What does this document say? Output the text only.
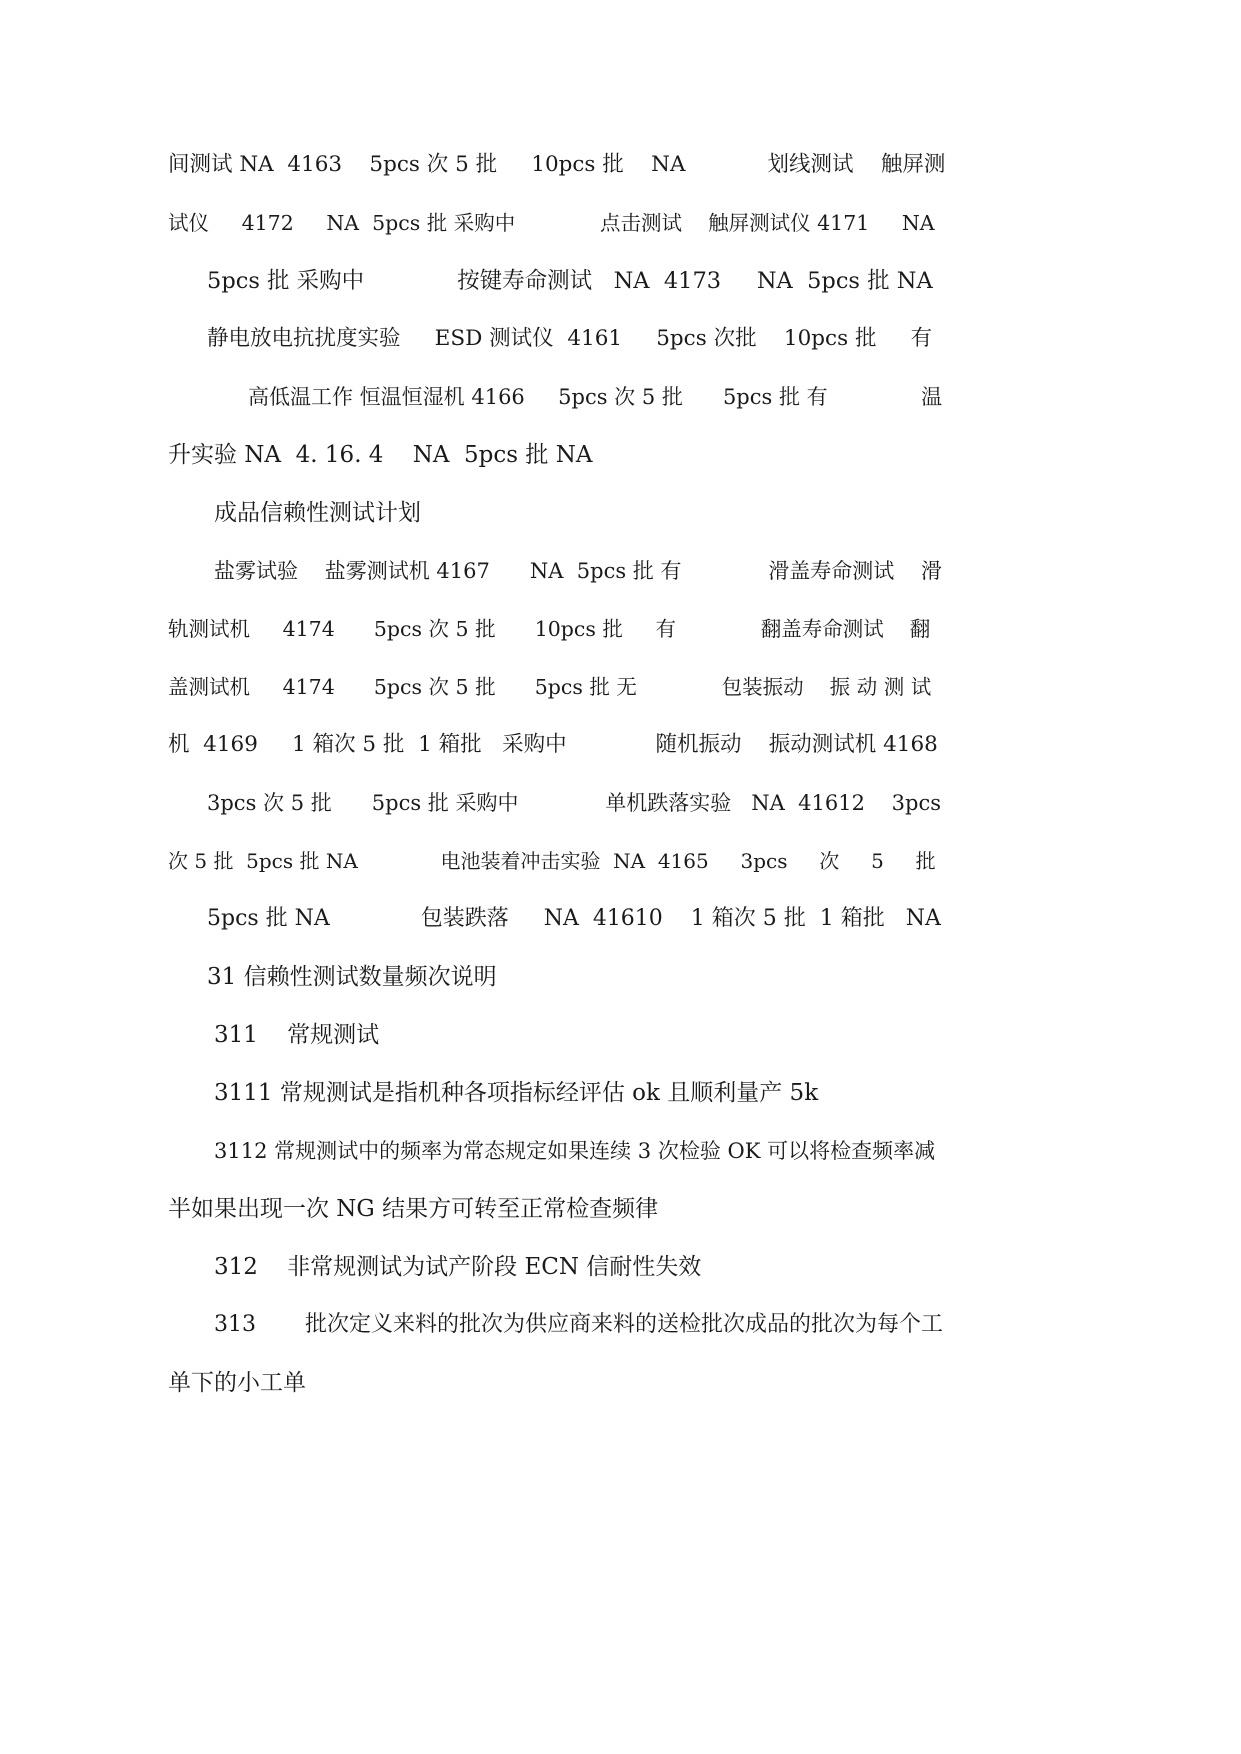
间测试 NA  4163    5pcs 次 5 批     10pcs 批    NA            划线测试    触屏测
试仪     4172     NA  5pcs 批 采购中             点击测试    触屏测试仪 4171     NA
5pcs 批 采购中             按键寿命测试   NA  4173     NA  5pcs 批 NA
静电放电抗扰度实验     ESD 测试仪  4161     5pcs 次批    10pcs 批     有
高低温工作 恒温恒湿机 4166     5pcs 次 5 批      5pcs 批 有              温
升实验 NA  4. 16. 4    NA  5pcs 批 NA
成品信赖性测试计划
盐雾试验    盐雾测试机 4167      NA  5pcs 批 有             滑盖寿命测试    滑
轨测试机     4174      5pcs 次 5 批      10pcs 批     有             翻盖寿命测试    翻
盖测试机     4174      5pcs 次 5 批      5pcs 批 无             包装振动    振 动 测 试
机  4169     1 箱次 5 批  1 箱批   采购中             随机振动    振动测试机 4168
3pcs 次 5 批      5pcs 批 采购中             单机跌落实验   NA  41612    3pcs
次 5 批  5pcs 批 NA             电池装着冲击实验  NA  4165     3pcs     次     5     批
5pcs 批 NA             包装跌落     NA  41610    1 箱次 5 批  1 箱批   NA
31 信赖性测试数量频次说明
311    常规测试
3111 常规测试是指机种各项指标经评估 ok 且顺利量产 5k
3112 常规测试中的频率为常态规定如果连续 3 次检验 OK 可以将检查频率减
半如果出现一次 NG 结果方可转至正常检查频律
312    非常规测试为试产阶段 ECN 信耐性失效
313       批次定义来料的批次为供应商来料的送检批次成品的批次为每个工
单下的小工单
